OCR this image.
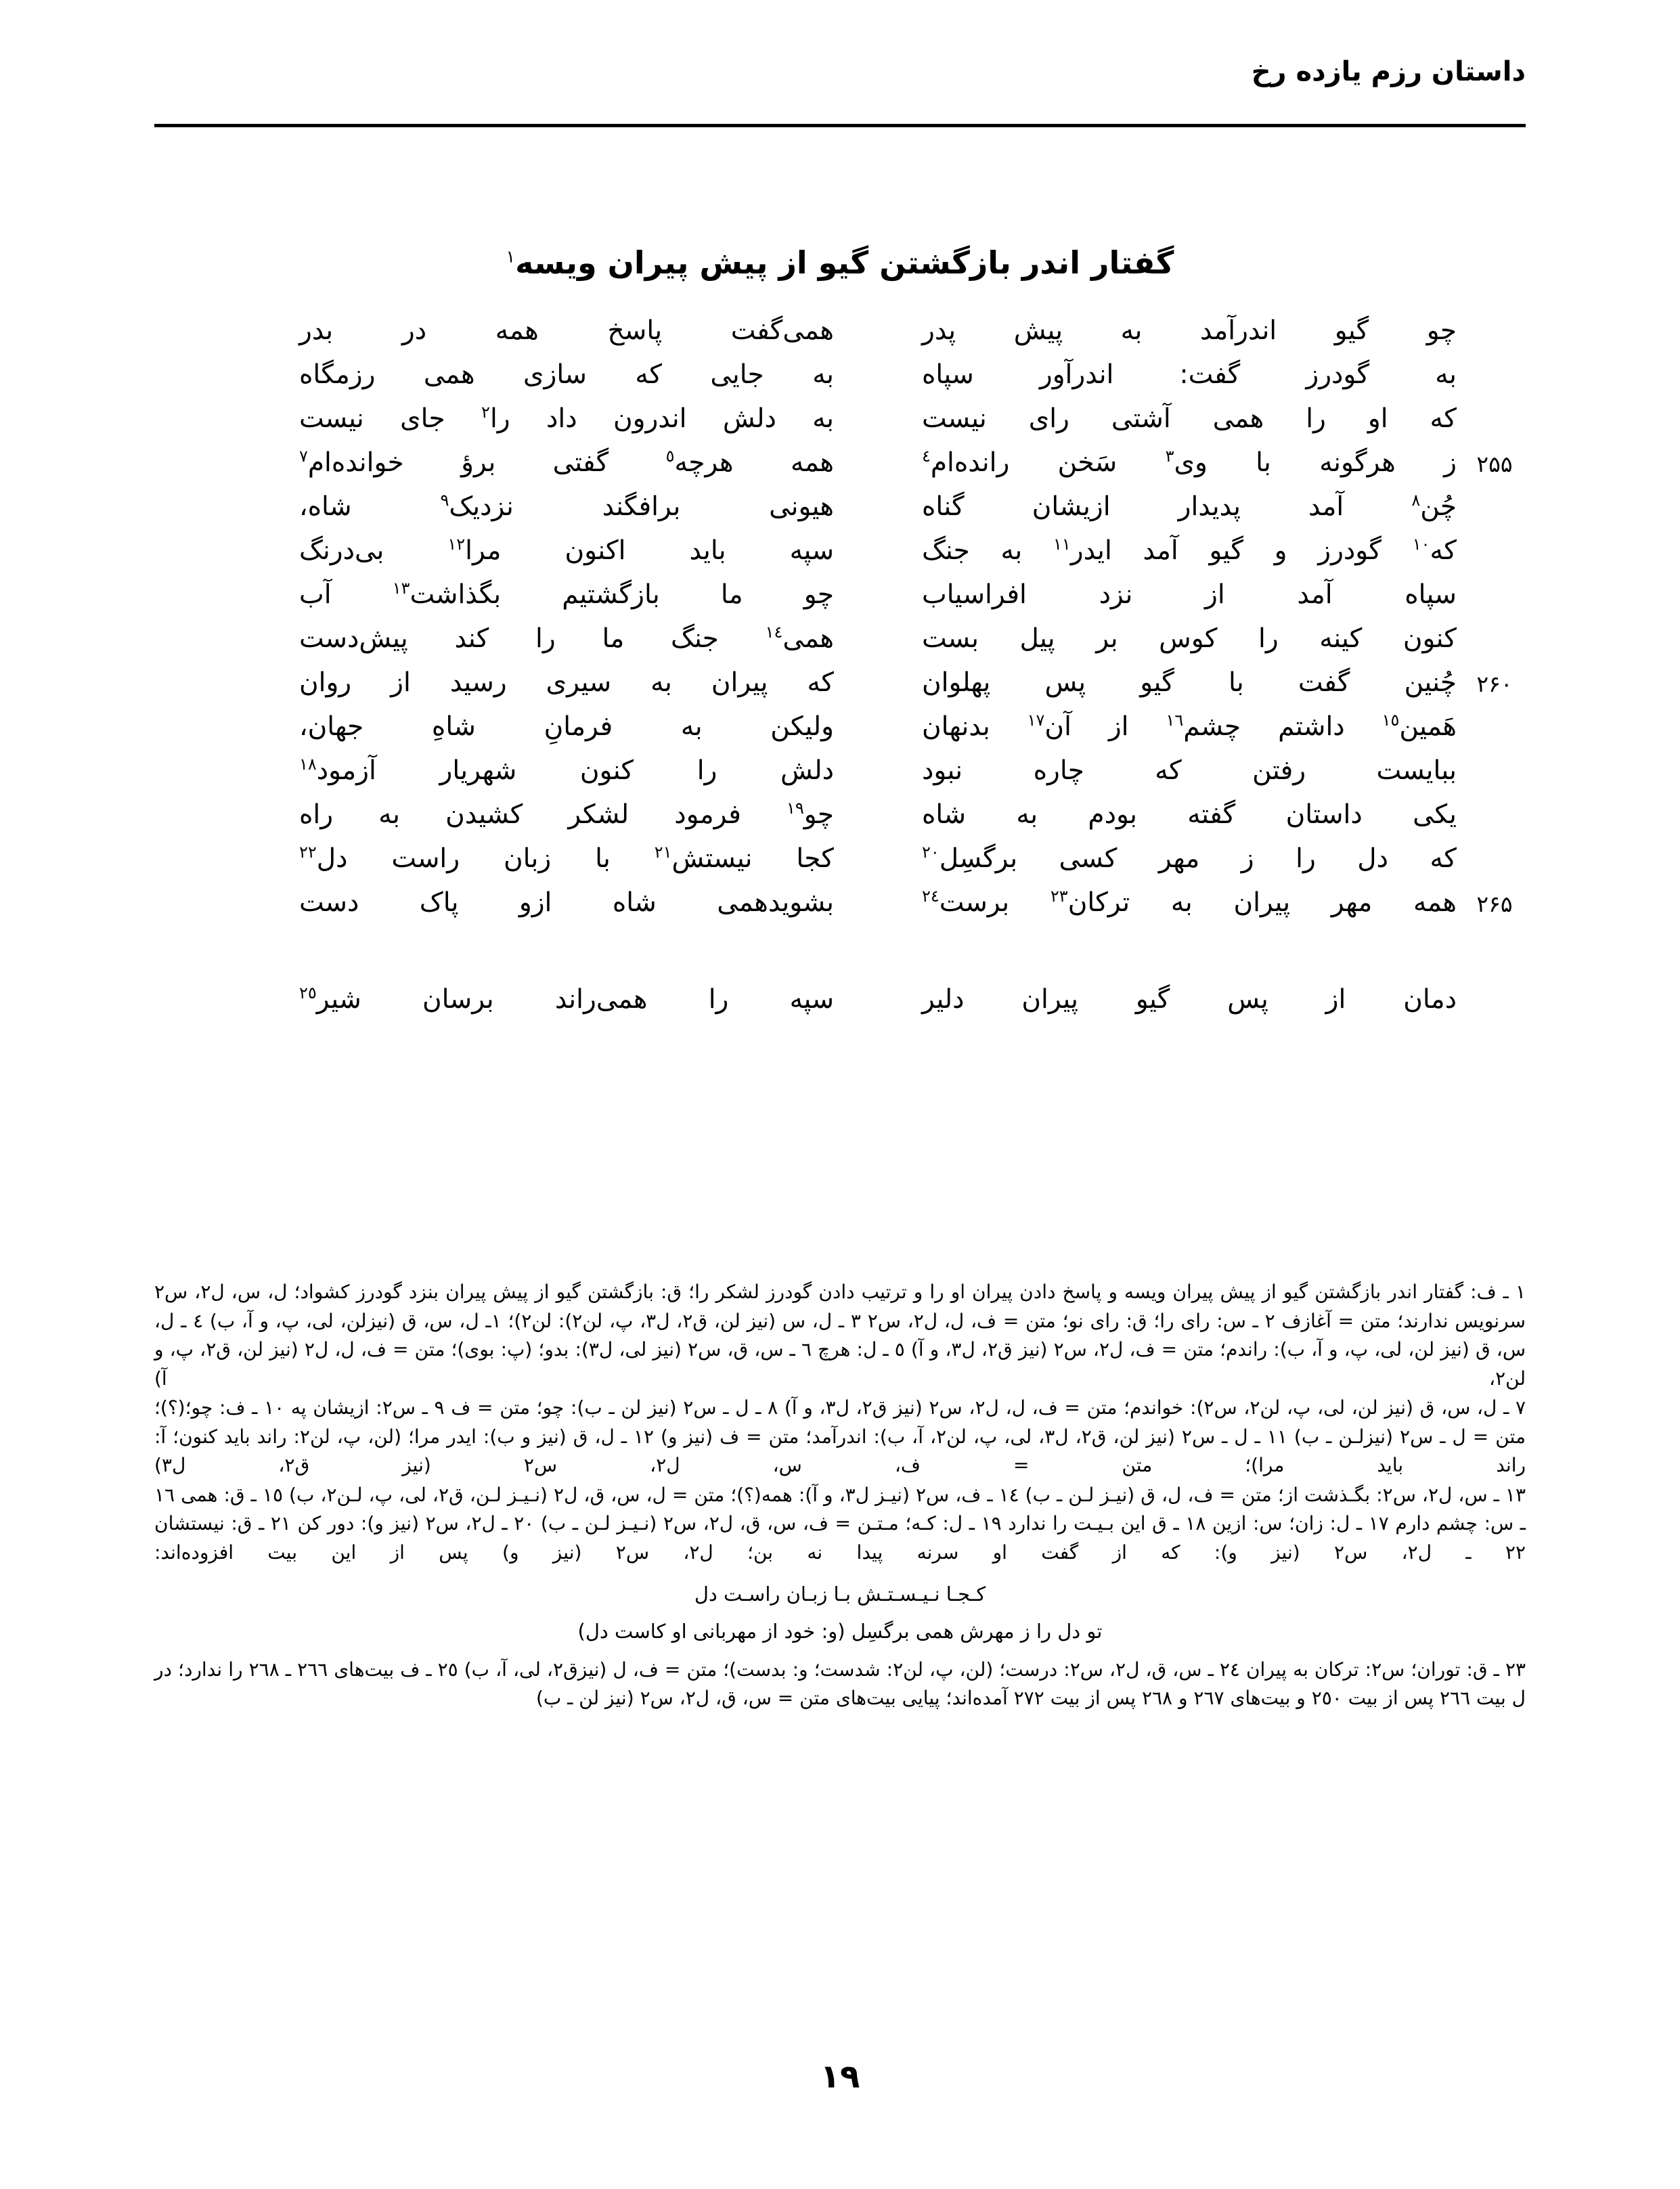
داستان رزم یازده رخ
گفتار اندر بازگشتن گیو از پیش پیران ویسه$^۱$
چو گیو اندرآمد به پیش پدر
همی‌گفت پاسخ همه در بدر
به گودرز گفت: اندرآور سپاه
به جایی که سازی همی رزمگاه
که او را همی آشتی رای نیست
به دلش اندرون داد را$^٢$ جای نیست
۲۵۵
ز هرگونه با وی$^٣$ سَخن رانده‌ام$^٤$
همه هرچه$^٥$ گفتی برؤ خوانده‌ام$^٧$
چُن$^٨$ آمد پدیدار ازیشان گناه
هیونی برافگند نزدیک$^٩$ شاه،
که$^{١٠}$ گودرز و گیو آمد ایدر$^{١١}$ به جنگ
سپه باید اکنون مرا$^{١٢}$ بی‌درنگ
سپاه آمد از نزد افراسیاب
چو ما بازگشتیم بگذاشت$^{١٣}$ آب
کنون کینه را کوس بر پیل بست
همی$^{١٤}$ جنگ ما را کند پیش‌دست
۲۶۰
چُنین گفت با گیو پس پهلوان
که پیران به سیری رسید از روان
هَمین$^{١٥}$ داشتم چشم$^{١٦}$ از آن$^{١٧}$ بدنهان
ولیکن به فرمانِ شاهِ جهان،
ببایست رفتن که چاره نبود
دلش را کنون شهریار آزمود$^{١٨}$
یکی داستان گفته بودم به شاه
چو$^{١٩}$ فرمود لشکر کشیدن به راه
که دل را ز مهر کسی برگسِل$^{٢٠}$
کجا نیستش$^{٢١}$ با زبان راست دل$^{٢٢}$
۲۶۵
همه مهر پیران به ترکان$^{٢٣}$ برست$^{٢٤}$
بشویدهمی شاه ازو پاک دست
دمان از پس گیو پیران دلیر
سپه را همی‌راند برسان شیر$^{٢٥}$

١ ـ ف: گفتار اندر بازگشتن گیو از پیش پیران ویسه و پاسخ دادن پیران او را و ترتیب دادن گودرز لشکر را؛ ق: بازگشتن گیو از پیش پیران بنزد گودرز کشواد؛ ل، س، ل٢، س٢ سرنویس ندارند؛ متن = آغازف ٢ ـ س: رای را؛ ق: رای نو؛ متن = ف، ل، ل٢، س٢ ٣ ـ ل، س (نیز لن، ق٢، ل٣، پ، لن٢): لن٢)؛ ١ـ ل، س، ق (نیزلن، لی، پ، و آ، ب) ٤ ـ ل، س، ق (نیز لن، لی، پ، و آ، ب): راندم؛ متن = ف، ل٢، س٢ (نیز ق٢، ل٣، و آ) ٥ ـ ل: هرچ ٦ ـ س، ق، س٢ (نیز لی، ل٣): بدو؛ (پ: بوی)؛ متن = ف، ل، ل٢ (نیز لن، ق٢، پ، و لن٢، آ)

٧ ـ ل، س، ق (نیز لن، لی، پ، لن٢، س٢): خواندم؛ متن = ف، ل، ل٢، س٢ (نیز ق٢، ل٣، و آ) ٨ ـ ل ـ س٢ (نیز لن ـ ب): چو؛ متن = ف ٩ ـ س٢: ازیشان په ١٠ ـ ف: چو؛(؟)؛ متن = ل ـ س٢ (نیزلـن ـ ب) ١١ ـ ل ـ س٢ (نیز لن، ق٢، ل٣، لی، پ، لن٢، آ، ب): اندرآمد؛ متن = ف (نیز و) ١٢ ـ ل، ق (نیز و ب): ایدر مرا؛ (لن، پ، لن٢: راند باید کنون؛ آ: راند باید مرا)؛ متن = ف، س، ل٢، س٢ (نیز ق٢، ل٣)

١٣ ـ س، ل٢، س٢: بگـذشت از؛ متن = ف، ل، ق (نیـز لـن ـ ب) ١٤ ـ ف، س٢ (نیـز ل٣، و آ): همه(؟)؛ متن = ل، س، ق، ل٢ (نـیـز لـن، ق٢، لی، پ، لـن٢، ب) ١٥ ـ ق: همی ١٦ ـ س: چشم دارم ١٧ ـ ل: زان؛ س: ازین ١٨ ـ ق این بـیـت را ندارد ١٩ ـ ل: کـه؛ مـتـن = ف، س، ق، ل٢، س٢ (نـیـز لـن ـ ب) ٢٠ ـ ل٢، س٢ (نیز و): دور کن ٢١ ـ ق: نیستشان ٢٢ ـ ل٢، س٢ (نیز و): که از گفت او سرنه پیدا نه بن؛ ل٢، س٢ (نیز و) پس از این بیت افزوده‌اند:

کـجـا نـیـسـتـش بـا زبـان راسـت دل
تو دل را ز مهرش همی برگسِل (و: خود از مهربانی او کاست دل)

٢٣ ـ ق: توران؛ س٢: ترکان به پیران ٢٤ ـ س، ق، ل٢، س٢: درست؛ (لن، پ، لن٢: شدست؛ و: بدست)؛ متن = ف، ل (نیزق٢، لی، آ، ب) ٢٥ ـ ف بیت‌های ٢٦٦ ـ ٢٦٨ را ندارد؛ در ل بیت ٢٦٦ پس از بیت ٢٥٠ و بیت‌های ٢٦٧ و ٢٦٨ پس از بیت ٢٧٢ آمده‌اند؛ پیایی بیت‌های متن = س، ق، ل٢، س٢ (نیز لن ـ ب)

۱۹
